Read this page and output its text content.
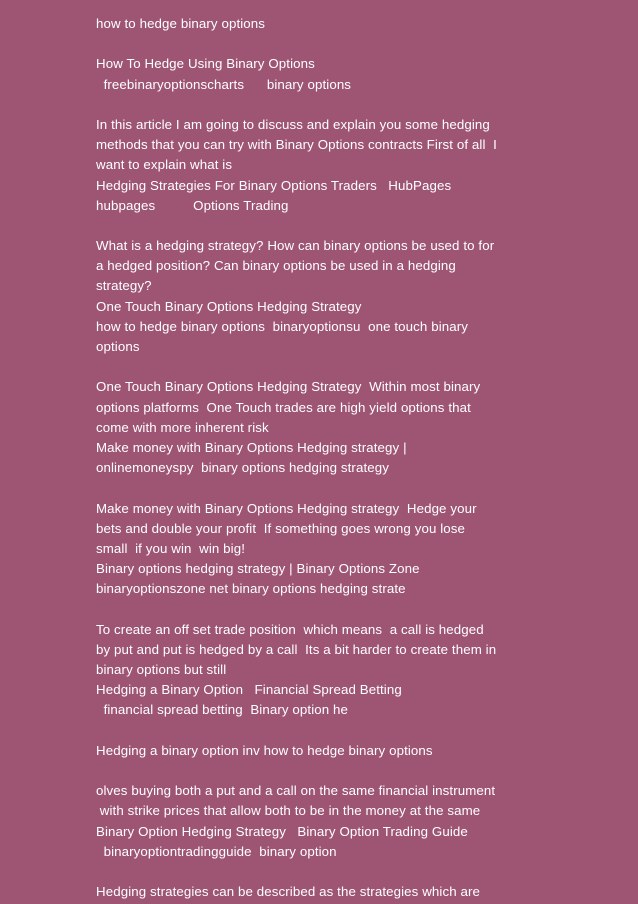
how to hedge binary options
How To Hedge Using Binary Options
freebinaryoptionscharts      binary options
In this article I am going to discuss and explain you some hedging
methods that you can try with Binary Options contracts First of all  I
want to explain what is
Hedging Strategies For Binary Options Traders   HubPages
hubpages          Options Trading
What is a hedging strategy? How can binary options be used to for
a hedged position? Can binary options be used in a hedging
strategy?
One Touch Binary Options Hedging Strategy
how to hedge binary options  binaryoptionsu  one touch binary
options
One Touch Binary Options Hedging Strategy  Within most binary
options platforms  One Touch trades are high yield options that
come with more inherent risk
Make money with Binary Options Hedging strategy |
onlinemoneyspy  binary options hedging strategy
Make money with Binary Options Hedging strategy  Hedge your
bets and double your profit  If something goes wrong you lose
small  if you win  win big!
Binary options hedging strategy | Binary Options Zone
binaryoptionszone net binary options hedging strate
To create an off set trade position  which means  a call is hedged
by put and put is hedged by a call  Its a bit harder to create them in
binary options but still
Hedging a Binary Option   Financial Spread Betting
financial spread betting  Binary option he
Hedging a binary option inv how to hedge binary options
olves buying both a put and a call on the same financial instrument
with strike prices that allow both to be in the money at the same
Binary Option Hedging Strategy   Binary Option Trading Guide
binaryoptiontradingguide  binary option
Hedging strategies can be described as the strategies which are
